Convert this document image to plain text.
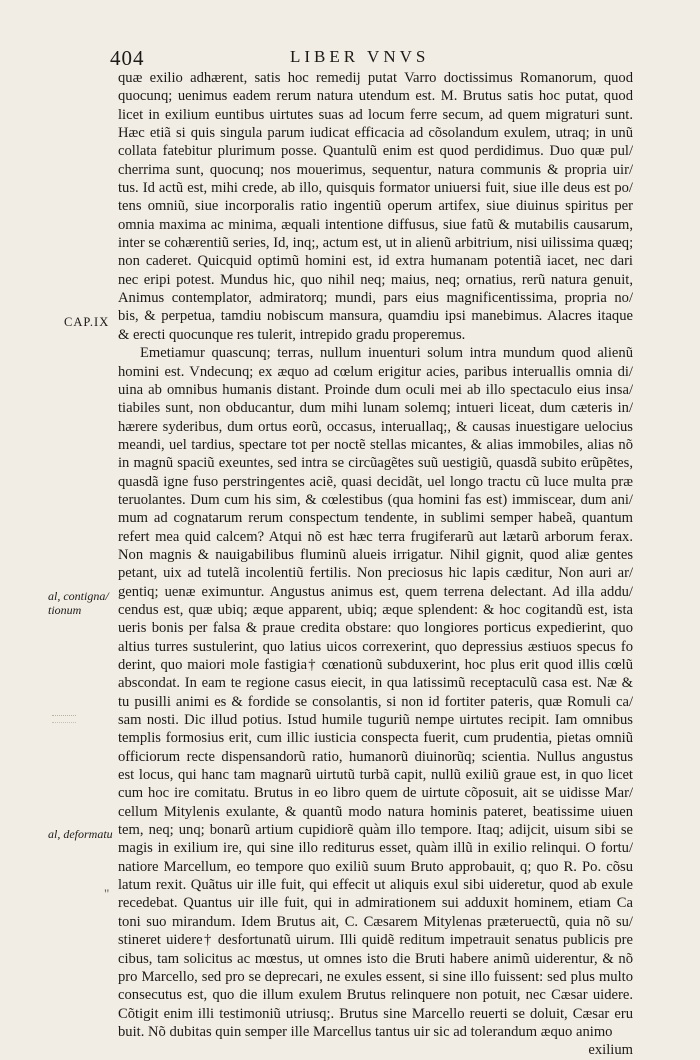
404	LIBER VNVS
CAP.IX
al, contigna/
tionum
al, deformatu
"
quæ exilio adhærent, satis hoc remedij putat Varro doctissimus Romanorum, quod
quocunq; uenimus eadem rerum natura utendum est. M. Brutus satis hoc putat, quod
licet in exilium euntibus uirtutes suas ad locum ferre secum, ad quem migraturi sunt.
Hæc etiã si quis singula parum iudicat efficacia ad cõsolandum exulem, utraq; in unũ
collata fatebitur plurimum posse. Quantulũ enim est quod perdidimus. Duo quæ pul/
cherrima sunt, quocunq; nos mouerimus, sequentur, natura communis & propria uir/
tus. Id actũ est, mihi crede, ab illo, quisquis formator uniuersi fuit, siue ille deus est po/
tens omniũ, siue incorporalis ratio ingentiũ operum artifex, siue diuinus spiritus per
omnia maxima ac minima, æquali intentione diffusus, siue fatũ & mutabilis causarum,
inter se cohærentiũ series, Id, inq;, actum est, ut in alienũ arbitrium, nisi uilissima quæq;
non caderet. Quicquid optimũ homini est, id extra humanam potentiã iacet, nec dari
nec eripi potest. Mundus hic, quo nihil neq; maius, neq; ornatius, rerũ natura genuit,
Animus contemplator, admiratorq; mundi, pars eius magnificentissima, propria no/
bis, & perpetua, tamdiu nobiscum mansura, quamdiu ipsi manebimus. Alacres itaque
& erecti quocunque res tulerit, intrepido gradu properemus.
Emetiamur quascunq; terras, nullum inuenturi solum intra mundum quod alienũ
homini est. Vndecunq; ex æquo ad cœlum erigitur acies, paribus interuallis omnia di/
uina ab omnibus humanis distant. Proinde dum oculi mei ab illo spectaculo eius insa/
tiabiles sunt, non obducantur, dum mihi lunam solemq; intueri liceat, dum cæteris in/
hærere syderibus, dum ortus eorũ, occasus, interuallaq;, & causas inuestigare uelocius
meandi, uel tardius, spectare tot per noctẽ stellas micantes, & alias immobiles, alias nõ
in magnũ spaciũ exeuntes, sed intra se circũagẽtes suũ uestigiũ, quasdã subito erũpẽtes,
quasdã igne fuso perstringentes aciẽ, quasi decidãt, uel longo tractu cũ luce multa præ
teruolantes. Dum cum his sim, & cœlestibus (qua homini fas est) immiscear, dum ani/
mum ad cognatarum rerum conspectum tendente, in sublimi semper habeã, quantum
refert mea quid calcem? Atqui nõ est hæc terra frugiferarũ aut lætarũ arborum ferax.
Non magnis & nauigabilibus fluminũ alueis irrigatur. Nihil gignit, quod aliæ gentes
petant, uix ad tutelã incolentiũ fertilis. Non preciosus hic lapis cæditur, Non auri ar/
gentiq; uenæ eximuntur. Angustus animus est, quem terrena delectant. Ad illa addu/
cendus est, quæ ubiq; æque apparent, ubiq; æque splendent: & hoc cogitandũ est, ista
ueris bonis per falsa & praue credita obstare: quo longiores porticus expedierint, quo
altius turres sustulerint, quo latius uicos correxerint, quo depressius æstiuos specus fo
derint, quo maiori mole fastigia† cœnationũ subduxerint, hoc plus erit quod illis cœlũ
abscondat. In eam te regione casus eiecit, in qua latissimũ receptaculũ casa est. Næ &
tu pusilli animi es & fordide se consolantis, si non id fortiter pateris, quæ Romuli ca/
sam nosti. Dic illud potius. Istud humile tuguriũ nempe uirtutes recipit. Iam omnibus
templis formosius erit, cum illic iusticia conspecta fuerit, cum prudentia, pietas omniũ
officiorum recte dispensandorũ ratio, humanorũ diuinorũq; scientia. Nullus angustus
est locus, qui hanc tam magnarũ uirtutũ turbã capit, nullũ exiliũ graue est, in quo licet
cum hoc ire comitatu. Brutus in eo libro quem de uirtute cõposuit, ait se uidisse Mar/
cellum Mitylenis exulante, & quantũ modo natura hominis pateret, beatissime uiuen
tem, neq; unq; bonarũ artium cupidiorẽ quàm illo tempore. Itaq; adijcit, uisum sibi se
magis in exilium ire, qui sine illo rediturus esset, quàm illũ in exilio relinqui. O fortu/
natiore Marcellum, eo tempore quo exiliũ suum Bruto approbauit, q; quo R. Po. cõsu
latum rexit. Quãtus uir ille fuit, qui effecit ut aliquis exul sibi uideretur, quod ab exule
recedebat. Quantus uir ille fuit, qui in admirationem sui adduxit hominem, etiam Ca
toni suo mirandum. Idem Brutus ait, C. Cæsarem Mitylenas præteruectũ, quia nõ su/
stineret uidere† desfortunatũ uirum. Illi quidẽ reditum impetrauit senatus publicis pre
cibus, tam solicitus ac mœstus, ut omnes isto die Bruti habere animũ uiderentur, & nõ
pro Marcello, sed pro se deprecari, ne exules essent, si sine illo fuissent: sed plus multo
consecutus est, quo die illum exulem Brutus relinquere non potuit, nec Cæsar uidere.
Cõtigit enim illi testimoniũ utriusq;. Brutus sine Marcello reuerti se doluit, Cæsar eru
buit. Nõ dubitas quin semper ille Marcellus tantus uir sic ad tolerandum æquo animo
exilium
